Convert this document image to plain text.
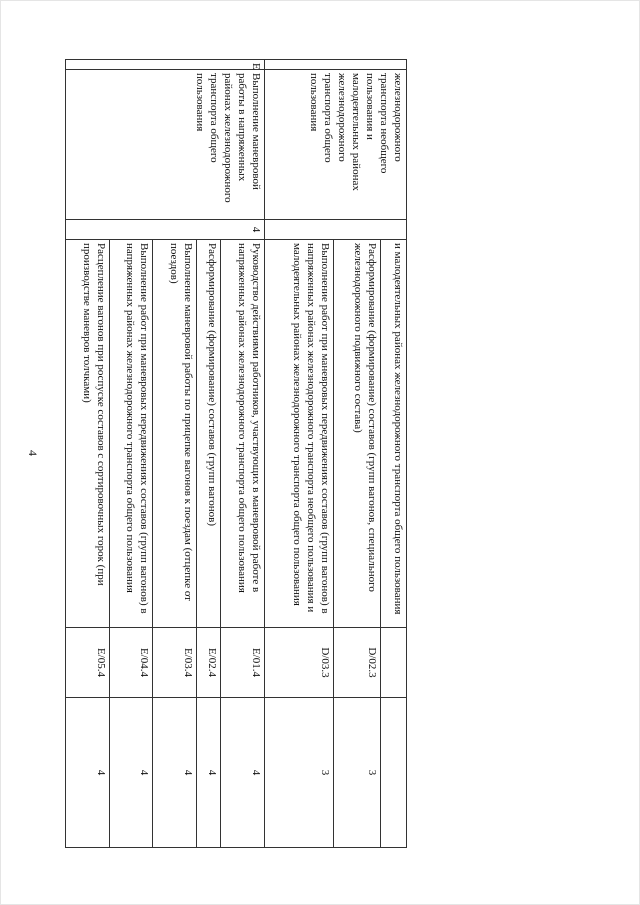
4
	железнодорожного транспорта необщего пользования и малодеятельных районах железнодорожного транспорта общего пользования		и малодеятельных районах железнодорожного транспорта общего пользования		
			Расформирование (формирование) составов (групп вагонов, специального железнодорожного подвижного состава)	D/02.3	3
			Выполнение работ при маневровых передвижениях составов (групп вагонов) в напряженных районах железнодорожного транспорта необщего пользования и малодеятельных районах железнодорожного транспорта общего пользования	D/03.3	3
E	Выполнение маневровой работы в напряженных районах железнодорожного транспорта общего пользования	4	Руководство действиями работников, участвующих в маневровой работе в напряженных районах железнодорожного транспорта общего пользования	E/01.4	4
			Расформирование (формирование) составов (групп вагонов)	E/02.4	4
			Выполнение маневровой работы по прицепке вагонов к поездам (отцепке от поездов)	E/03.4	4
			Выполнение работ при маневровых передвижениях составов (групп вагонов) в напряженных районах железнодорожного транспорта общего пользования	E/04.4	4
			Расцепление вагонов при роспуске составов с сортировочных горок (при производстве маневров толчками)	E/05.4	4
